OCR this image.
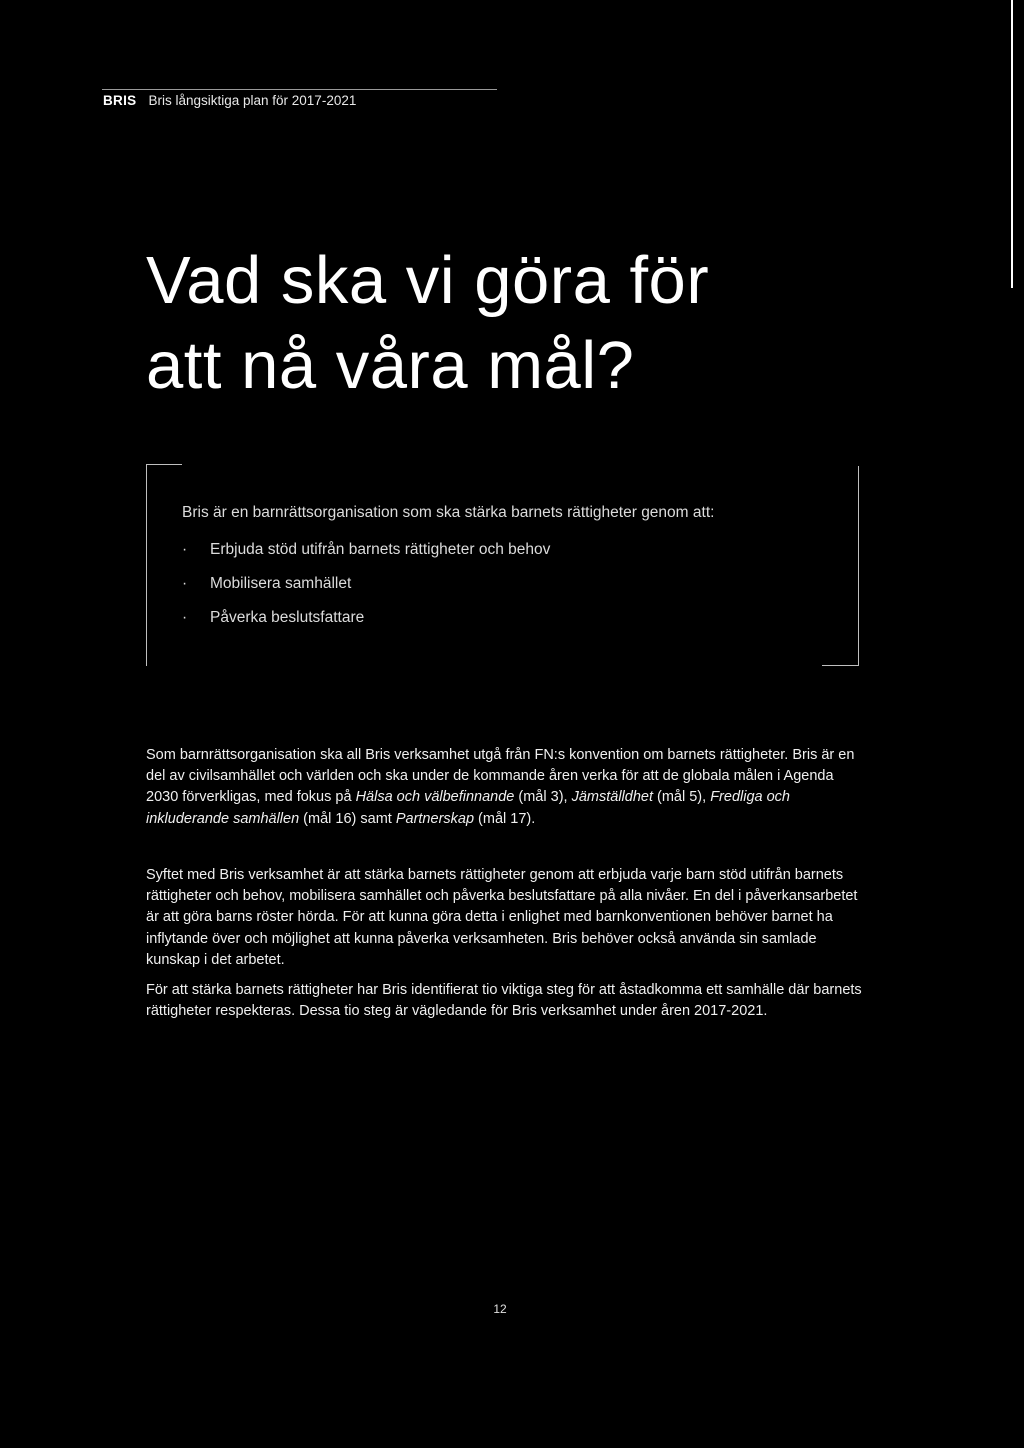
BRIS Bris långsiktiga plan för 2017-2021
Vad ska vi göra för
att nå våra mål?
Bris är en barnrättsorganisation som ska stärka barnets rättigheter genom att:
· Erbjuda stöd utifrån barnets rättigheter och behov
· Mobilisera samhället
· Påverka beslutsfattare

Som barnrättsorganisation ska all Bris verksamhet utgå från FN:s konvention om barnets rättigheter. Bris är en del av civilsamhället och världen och ska under de kommande åren verka för att de globala målen i Agenda 2030 förverkligas, med fokus på Hälsa och välbefinnande (mål 3), Jämställdhet (mål 5), Fredliga och inkluderande samhällen (mål 16) samt Partnerskap (mål 17).

Syftet med Bris verksamhet är att stärka barnets rättigheter genom att erbjuda varje barn stöd utifrån barnets rättigheter och behov, mobilisera samhället och påverka beslutsfattare på alla nivåer. En del i påverkansarbetet är att göra barns röster hörda. För att kunna göra detta i enlighet med barnkonventionen behöver barnet ha inflytande över och möjlighet att kunna påverka verksamheten. Bris behöver också använda sin samlade kunskap i det arbetet.

För att stärka barnets rättigheter har Bris identifierat tio viktiga steg för att åstadkomma ett samhälle där barnets rättigheter respekteras. Dessa tio steg är vägledande för Bris verksamhet under åren 2017-2021.

12
